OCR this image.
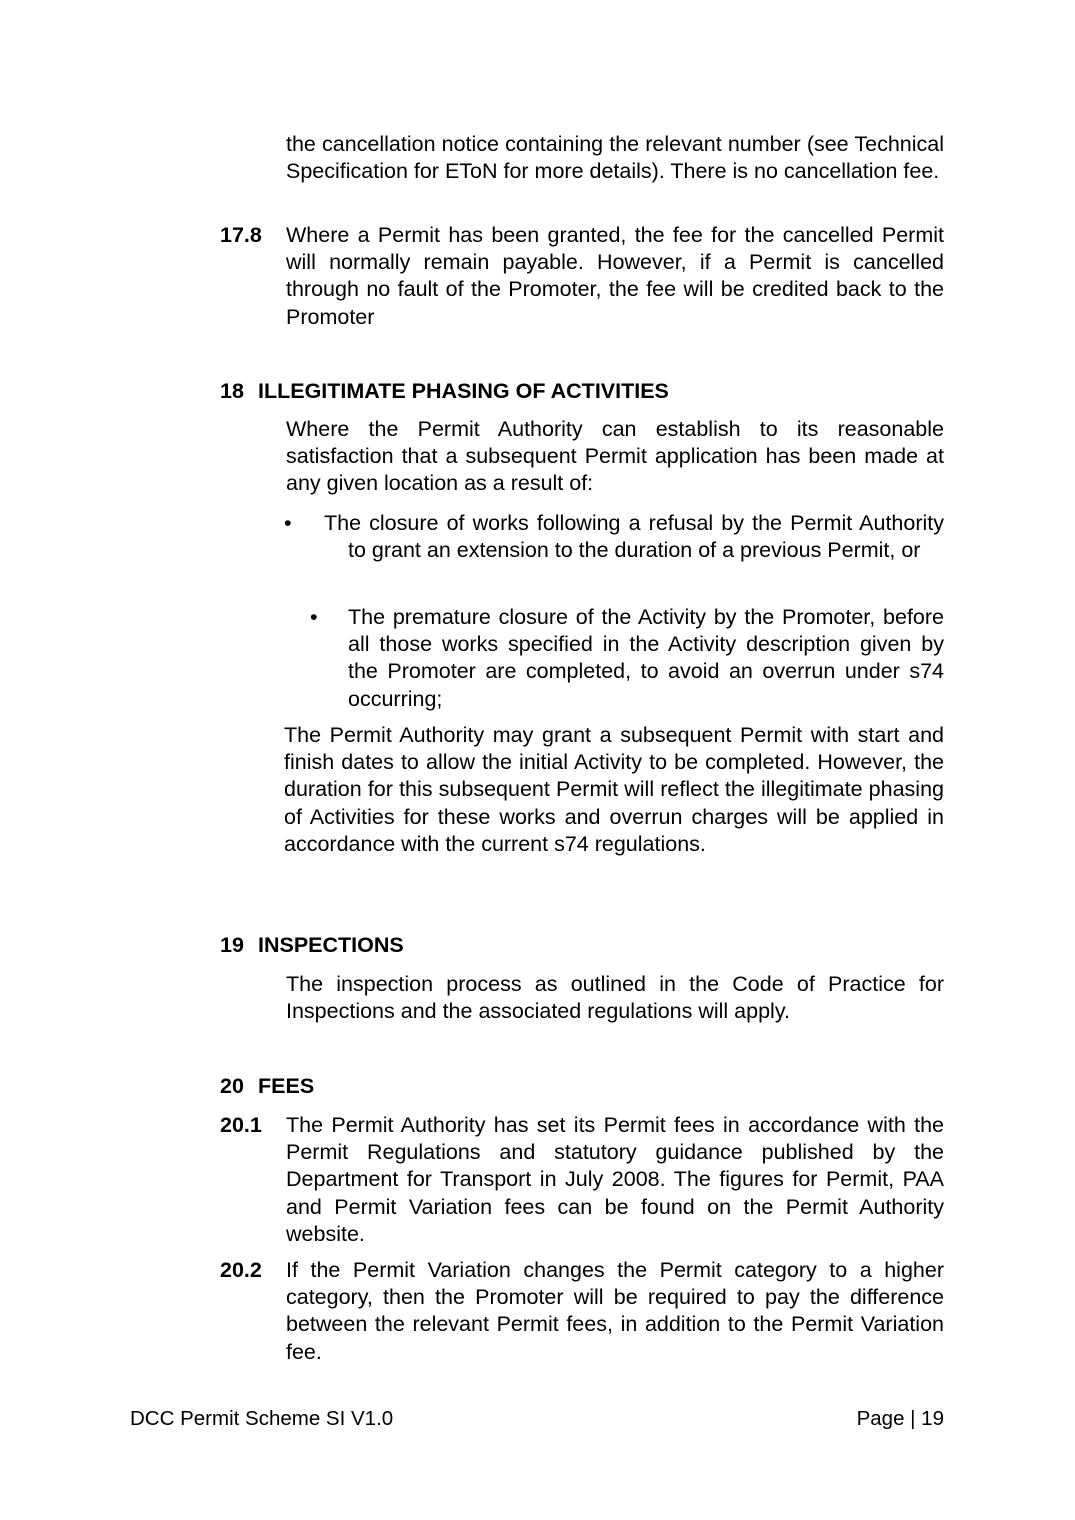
the cancellation notice containing the relevant number (see Technical Specification for EToN for more details). There is no cancellation fee.

17.8 Where a Permit has been granted, the fee for the cancelled Permit will normally remain payable. However, if a Permit is cancelled through no fault of the Promoter, the fee will be credited back to the Promoter

18 ILLEGITIMATE PHASING OF ACTIVITIES

Where the Permit Authority can establish to its reasonable satisfaction that a subsequent Permit application has been made at any given location as a result of:

• The closure of works following a refusal by the Permit Authority to grant an extension to the duration of a previous Permit, or

• The premature closure of the Activity by the Promoter, before all those works specified in the Activity description given by the Promoter are completed, to avoid an overrun under s74 occurring;

The Permit Authority may grant a subsequent Permit with start and finish dates to allow the initial Activity to be completed. However, the duration for this subsequent Permit will reflect the illegitimate phasing of Activities for these works and overrun charges will be applied in accordance with the current s74 regulations.

19 INSPECTIONS

The inspection process as outlined in the Code of Practice for Inspections and the associated regulations will apply.

20 FEES
20.1 The Permit Authority has set its Permit fees in accordance with the Permit Regulations and statutory guidance published by the Department for Transport in July 2008. The figures for Permit, PAA and Permit Variation fees can be found on the Permit Authority website.

20.2 If the Permit Variation changes the Permit category to a higher category, then the Promoter will be required to pay the difference between the relevant Permit fees, in addition to the Permit Variation fee.

DCC Permit Scheme SI V1.0	Page | 19
